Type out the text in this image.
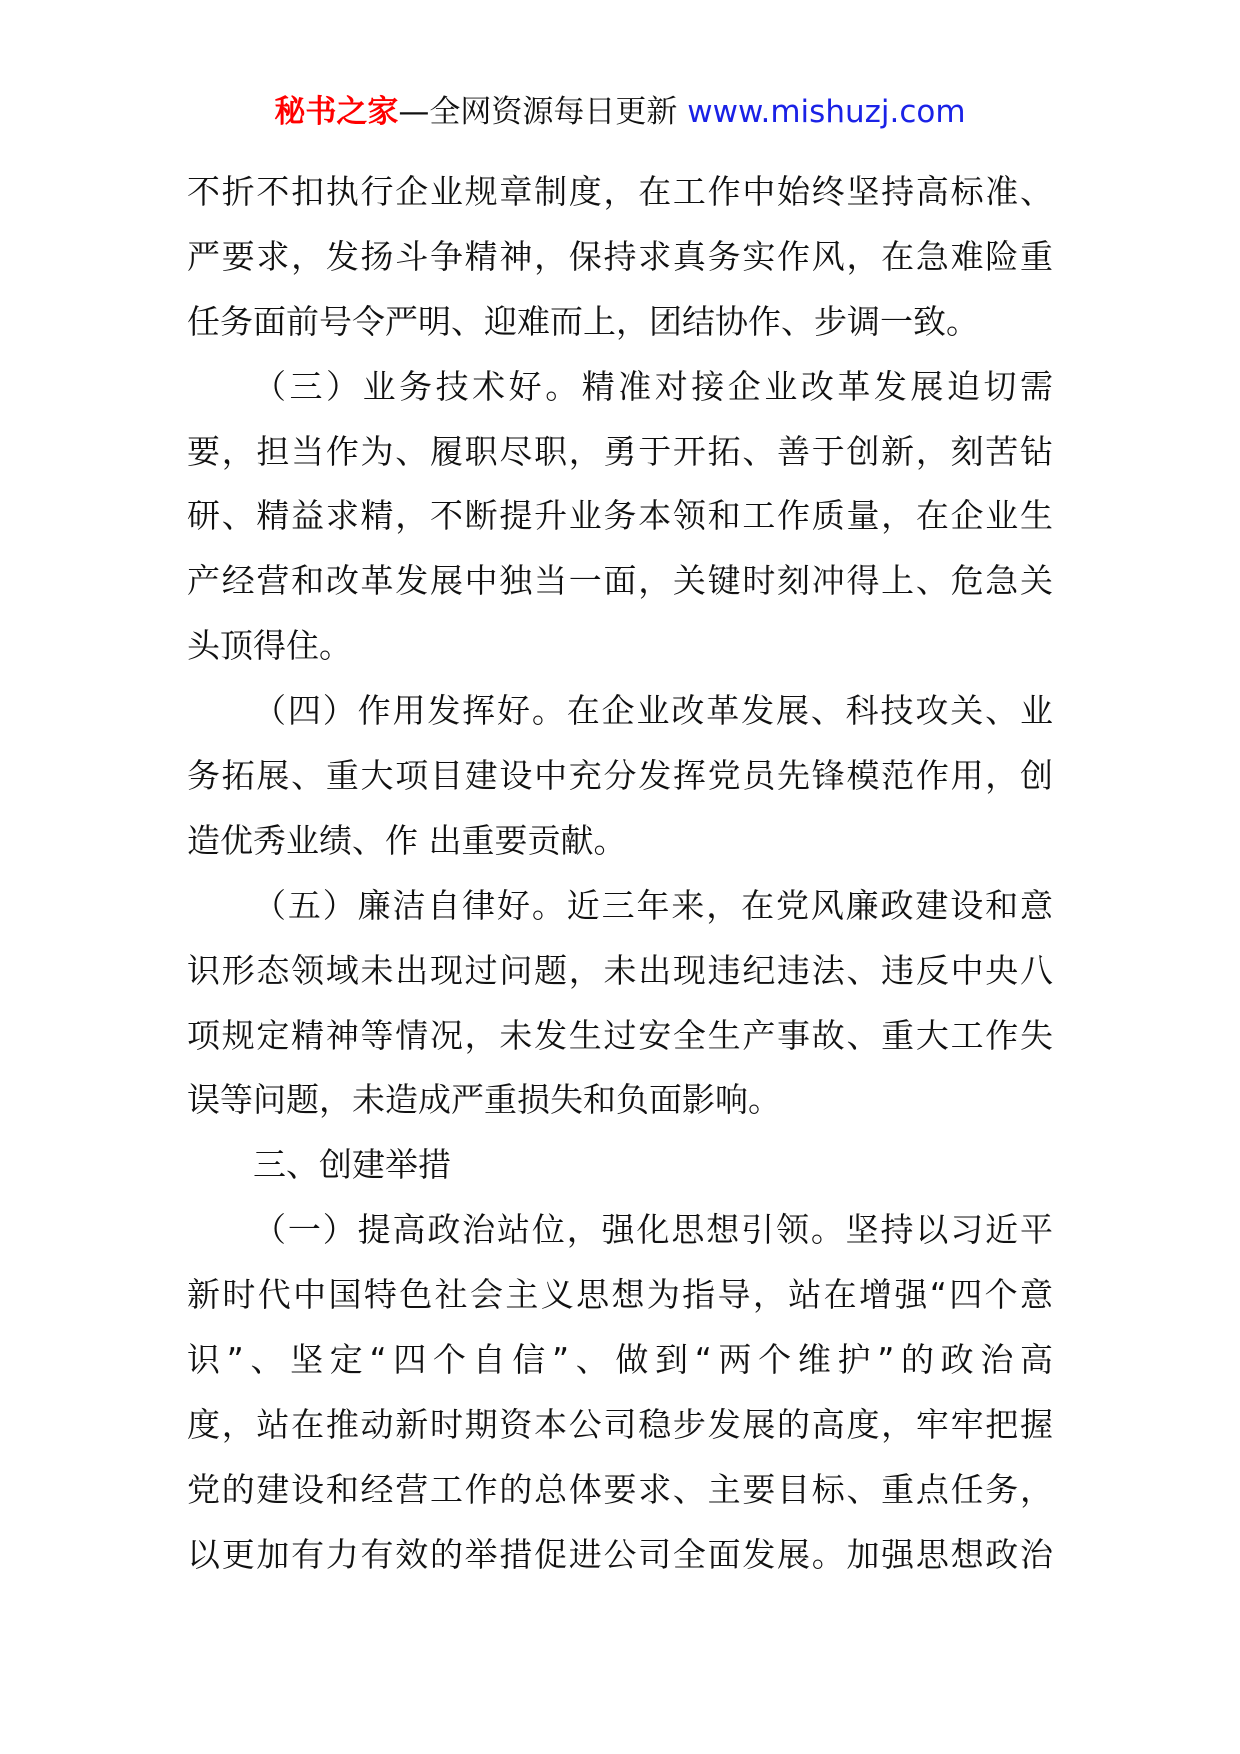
秘书之家—全网资源每日更新 www.mishuzj.com
不折不扣执行企业规章制度，在工作中始终坚持高标准、
严要求，发扬斗争精神，保持求真务实作风，在急难险重
任务面前号令严明、迎难而上，团结协作、步调一致。
（三）业务技术好。精准对接企业改革发展迫切需
要，担当作为、履职尽职，勇于开拓、善于创新，刻苦钻
研、精益求精，不断提升业务本领和工作质量，在企业生
产经营和改革发展中独当一面，关键时刻冲得上、危急关
头顶得住。
（四）作用发挥好。在企业改革发展、科技攻关、业
务拓展、重大项目建设中充分发挥党员先锋模范作用，创
造优秀业绩、作 出重要贡献。
（五）廉洁自律好。近三年来，在党风廉政建设和意
识形态领域未出现过问题，未出现违纪违法、违反中央八
项规定精神等情况，未发生过安全生产事故、重大工作失
误等问题，未造成严重损失和负面影响。
三、创建举措
（一）提高政治站位，强化思想引领。坚持以习近平
新时代中国特色社会主义思想为指导，站在增强“四个意
识”、坚定“四个自信”、做到“两个维护”的政治高
度，站在推动新时期资本公司稳步发展的高度，牢牢把握
党的建设和经营工作的总体要求、主要目标、重点任务，
以更加有力有效的举措促进公司全面发展。加强思想政治
